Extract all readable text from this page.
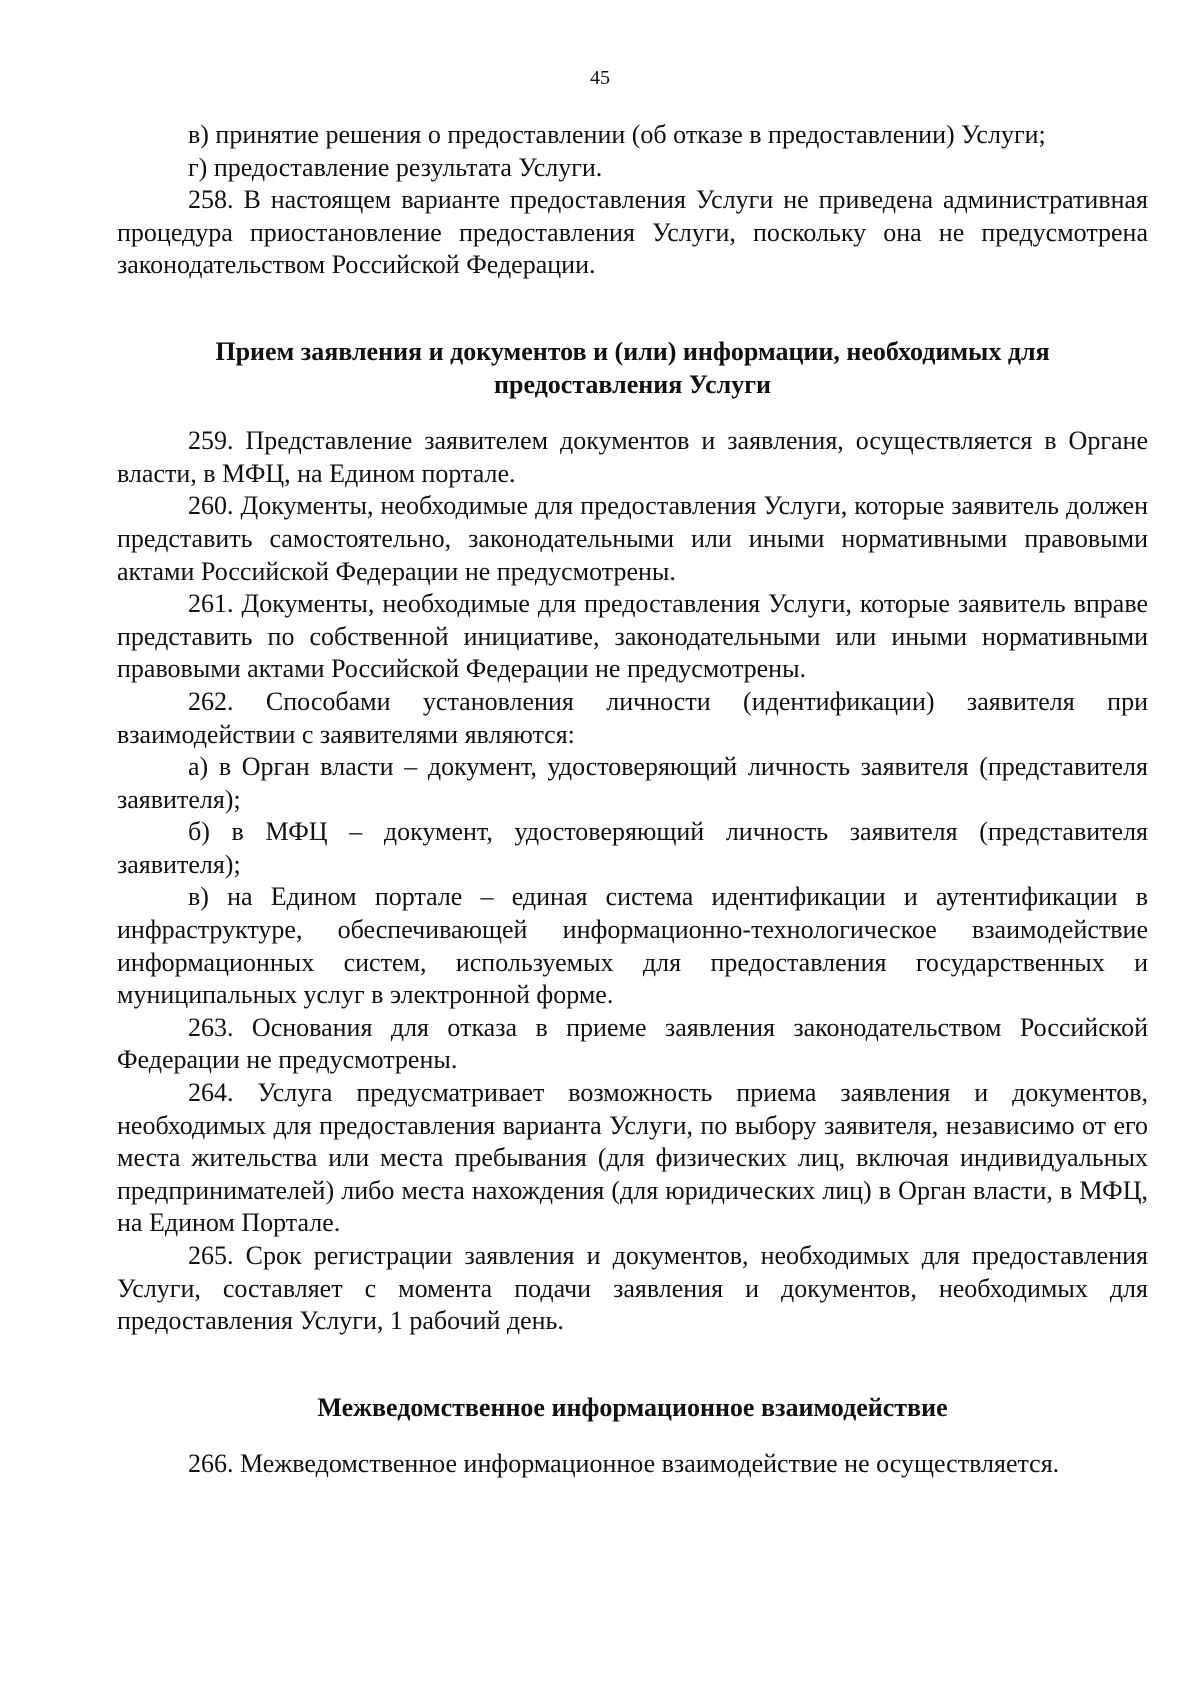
45

в) принятие решения о предоставлении (об отказе в предоставлении) Услуги;

г) предоставление результата Услуги.

258. В настоящем варианте предоставления Услуги не приведена административная процедура приостановление предоставления Услуги, поскольку она не предусмотрена законодательством Российской Федерации.

Прием заявления и документов и (или) информации, необходимых для
предоставления Услуги

259. Представление заявителем документов и заявления, осуществляется в Органе власти, в МФЦ, на Едином портале.

260. Документы, необходимые для предоставления Услуги, которые заявитель должен представить самостоятельно, законодательными или иными нормативными правовыми актами Российской Федерации не предусмотрены.

261. Документы, необходимые для предоставления Услуги, которые заявитель вправе представить по собственной инициативе, законодательными или иными нормативными правовыми актами Российской Федерации не предусмотрены.

262. Способами установления личности (идентификации) заявителя при взаимодействии с заявителями являются:

а) в Орган власти – документ, удостоверяющий личность заявителя (представителя заявителя);

б) в МФЦ – документ, удостоверяющий личность заявителя (представителя заявителя);

в) на Едином портале – единая система идентификации и аутентификации в инфраструктуре, обеспечивающей информационно-технологическое взаимодействие информационных систем, используемых для предоставления государственных и муниципальных услуг в электронной форме.

263. Основания для отказа в приеме заявления законодательством Российской Федерации не предусмотрены.

264. Услуга предусматривает возможность приема заявления и документов, необходимых для предоставления варианта Услуги, по выбору заявителя, независимо от его места жительства или места пребывания (для физических лиц, включая индивидуальных предпринимателей) либо места нахождения (для юридических лиц) в Орган власти, в МФЦ, на Едином Портале.

265. Срок регистрации заявления и документов, необходимых для предоставления Услуги, составляет с момента подачи заявления и документов, необходимых для предоставления Услуги, 1 рабочий день.

Межведомственное информационное взаимодействие

266. Межведомственное информационное взаимодействие не осуществляется.
